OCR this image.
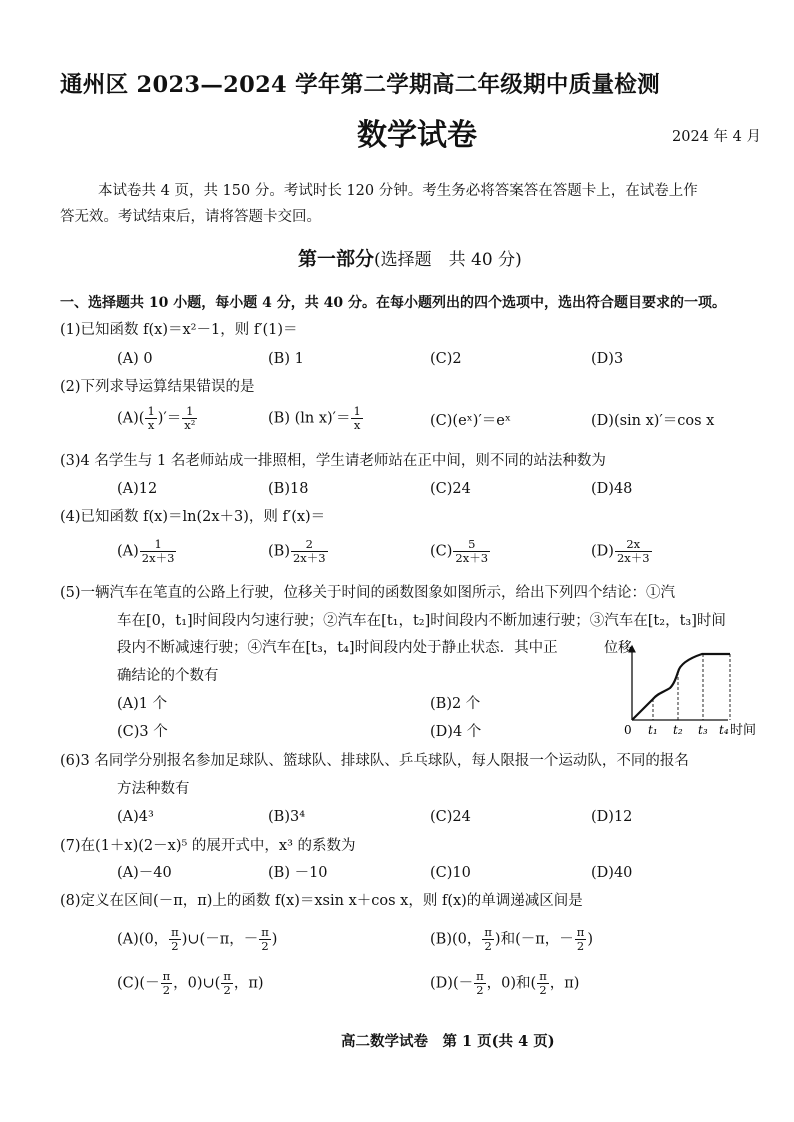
通州区 2023—2024 学年第二学期高二年级期中质量检测
数学试卷	2024 年 4 月
本试卷共 4 页，共 150 分。考试时长 120 分钟。考生务必将答案答在答题卡上，在试卷上作
答无效。考试结束后，请将答题卡交回。
第一部分(选择题　共 40 分)
一、选择题共 10 小题，每小题 4 分，共 40 分。在每小题列出的四个选项中，选出符合题目要求的一项。
(1)已知函数 f(x)＝x²－1，则 f′(1)＝
(A) 0	(B) 1	(C)2	(D)3
(2)下列求导运算结果错误的是
$(A)( \frac{1}{x}$ )′＝ $\frac{1}{\text{x²}}$	(B) (ln $x)'= \frac{1}{x}$	(C)(eˣ)′＝eˣ	(D)(sin x)′＝cos x
(3)4 名学生与 1 名老师站成一排照相，学生请老师站在正中间，则不同的站法种数为
(A)12	(B)18	(C)24	(D)48
(4)已知函数 f(x)＝ln(2x＋3)，则 f′(x)＝
$(A) \frac{1}{2x+3}$	$(B) \frac{2}{2x+3}$	$(C) \frac{5}{2x+3}$	$(D) \frac{2x}{2x+3}$
(5)一辆汽车在笔直的公路上行驶，位移关于时间的函数图象如图所示，给出下列四个结论：①汽
车在[0，t₁]时间段内匀速行驶；②汽车在[t₁，t₂]时间段内不断加速行驶；③汽车在[t₂，t₃]时间
段内不断减速行驶；④汽车在[t₃，t₄]时间段内处于静止状态．其中正
确结论的个数有
(A)1 个	(B)2 个
(C)3 个	(D)4 个
位移
0 t₁ t₂ t₃ t₄ 时间
(6)3 名同学分别报名参加足球队、篮球队、排球队、乒乓球队，每人限报一个运动队，不同的报名
方法种数有
(A)4³	(B)3⁴	(C)24	(D)12
(7)在(1＋x)(2－x)⁵ 的展开式中，x³ 的系数为
(A)－40	(B) －10	(C)10	(D)40
(8)定义在区间(－π，π)上的函数 f(x)＝xsin x＋cos x，则 f(x)的单调递减区间是
(A)(0， $\frac{\pi}{2}$ )∪(－π，－ $\frac{\pi}{2}$ )	(B)(0， $\frac{\pi}{2}$ )和(－π，－ $\frac{\pi}{2}$ )
$(C)(- \frac{\pi}{2}$ ，0)∪( $\frac{\pi}{2}$ ，π)	$(D)(- \frac{\pi}{2}$ ，0)和( $\frac{\pi}{2}$ ，π)
高二数学试卷　第 1 页(共 4 页)
